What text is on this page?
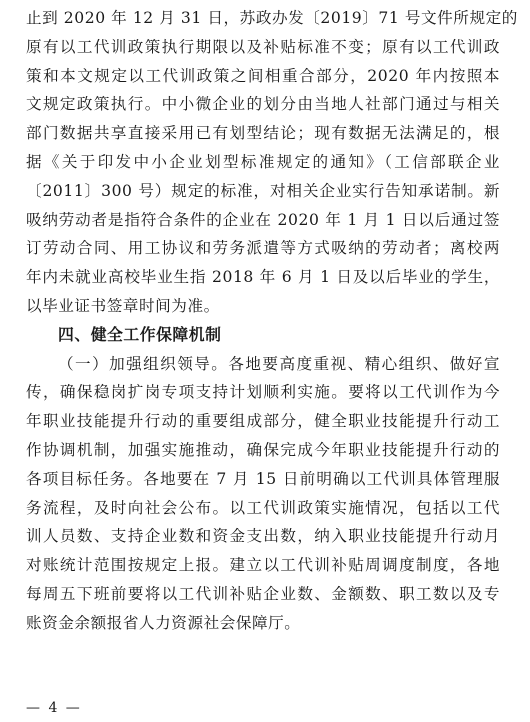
止到 2020 年 12 月 31 日，苏政办发〔2019〕71 号文件所规定的
原有以工代训政策执行期限以及补贴标准不变；原有以工代训政
策和本文规定以工代训政策之间相重合部分，2020 年内按照本
文规定政策执行。中小微企业的划分由当地人社部门通过与相关
部门数据共享直接采用已有划型结论；现有数据无法满足的，根
据《关于印发中小企业划型标准规定的通知》（工信部联企业
〔2011〕300 号）规定的标准，对相关企业实行告知承诺制。新
吸纳劳动者是指符合条件的企业在 2020 年 1 月 1 日以后通过签
订劳动合同、用工协议和劳务派遣等方式吸纳的劳动者；离校两
年内未就业高校毕业生指 2018 年 6 月 1 日及以后毕业的学生，
以毕业证书签章时间为准。
四、健全工作保障机制
（一）加强组织领导。各地要高度重视、精心组织、做好宣
传，确保稳岗扩岗专项支持计划顺利实施。要将以工代训作为今
年职业技能提升行动的重要组成部分，健全职业技能提升行动工
作协调机制，加强实施推动，确保完成今年职业技能提升行动的
各项目标任务。各地要在 7 月 15 日前明确以工代训具体管理服
务流程，及时向社会公布。以工代训政策实施情况，包括以工代
训人员数、支持企业数和资金支出数，纳入职业技能提升行动月
对账统计范围按规定上报。建立以工代训补贴周调度制度，各地
每周五下班前要将以工代训补贴企业数、金额数、职工数以及专
账资金余额报省人力资源社会保障厅。
— 4 —
